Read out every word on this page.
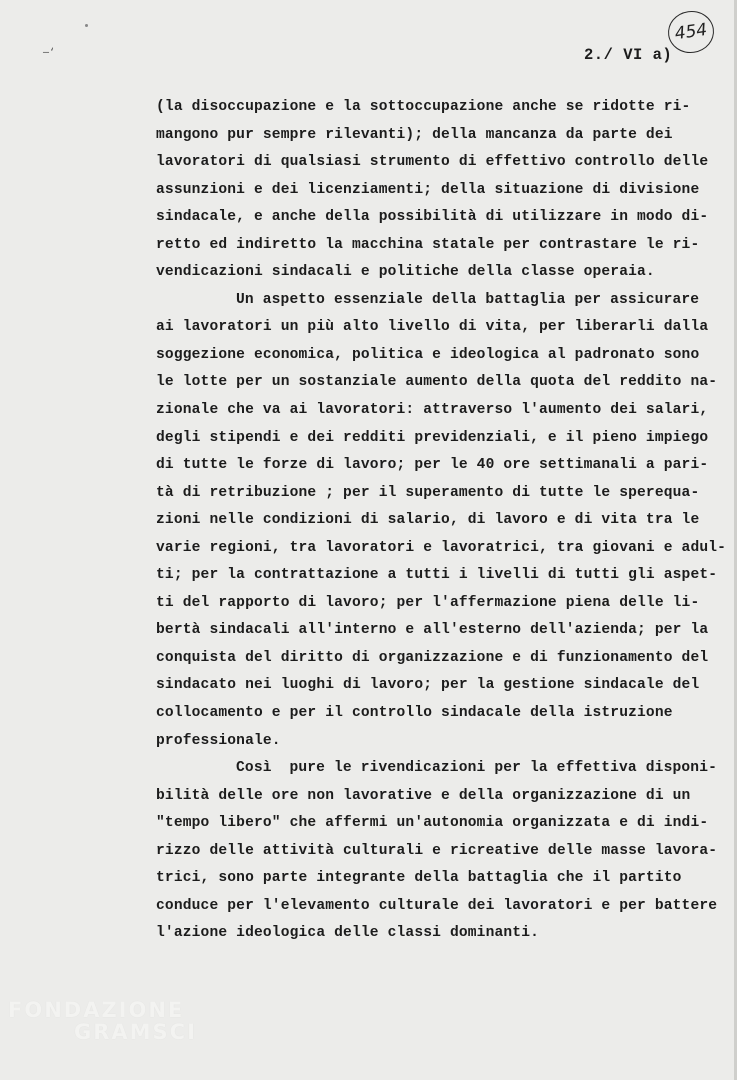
—‘
454
2./ VI a)
(la disoccupazione e la sottoccupazione anche se ridotte ri-
mangono pur sempre rilevanti); della mancanza da parte dei
lavoratori di qualsiasi strumento di effettivo controllo delle
assunzioni e dei licenziamenti; della situazione di divisione
sindacale, e anche della possibilità di utilizzare in modo di-
retto ed indiretto la macchina statale per contrastare le ri-
vendicazioni sindacali e politiche della classe operaia.
Un aspetto essenziale della battaglia per assicurare
ai lavoratori un più alto livello di vita, per liberarli dalla
soggezione economica, politica e ideologica al padronato sono
le lotte per un sostanziale aumento della quota del reddito na-
zionale che va ai lavoratori: attraverso l'aumento dei salari,
degli stipendi e dei redditi previdenziali, e il pieno impiego
di tutte le forze di lavoro; per le 40 ore settimanali a pari-
tà di retribuzione ; per il superamento di tutte le sperequa-
zioni nelle condizioni di salario, di lavoro e di vita tra le
varie regioni, tra lavoratori e lavoratrici, tra giovani e adul-
ti; per la contrattazione a tutti i livelli di tutti gli aspet-
ti del rapporto di lavoro; per l'affermazione piena delle li-
bertà sindacali all'interno e all'esterno dell'azienda; per la
conquista del diritto di organizzazione e di funzionamento del
sindacato nei luoghi di lavoro; per la gestione sindacale del
collocamento e per il controllo sindacale della istruzione
professionale.
Così  pure le rivendicazioni per la effettiva disponi-
bilità delle ore non lavorative e della organizzazione di un
"tempo libero" che affermi un'autonomia organizzata e di indi-
rizzo delle attività culturali e ricreative delle masse lavora-
trici, sono parte integrante della battaglia che il partito
conduce per l'elevamento culturale dei lavoratori e per battere
l'azione ideologica delle classi dominanti.
FONDAZIONE
GRAMSCI
